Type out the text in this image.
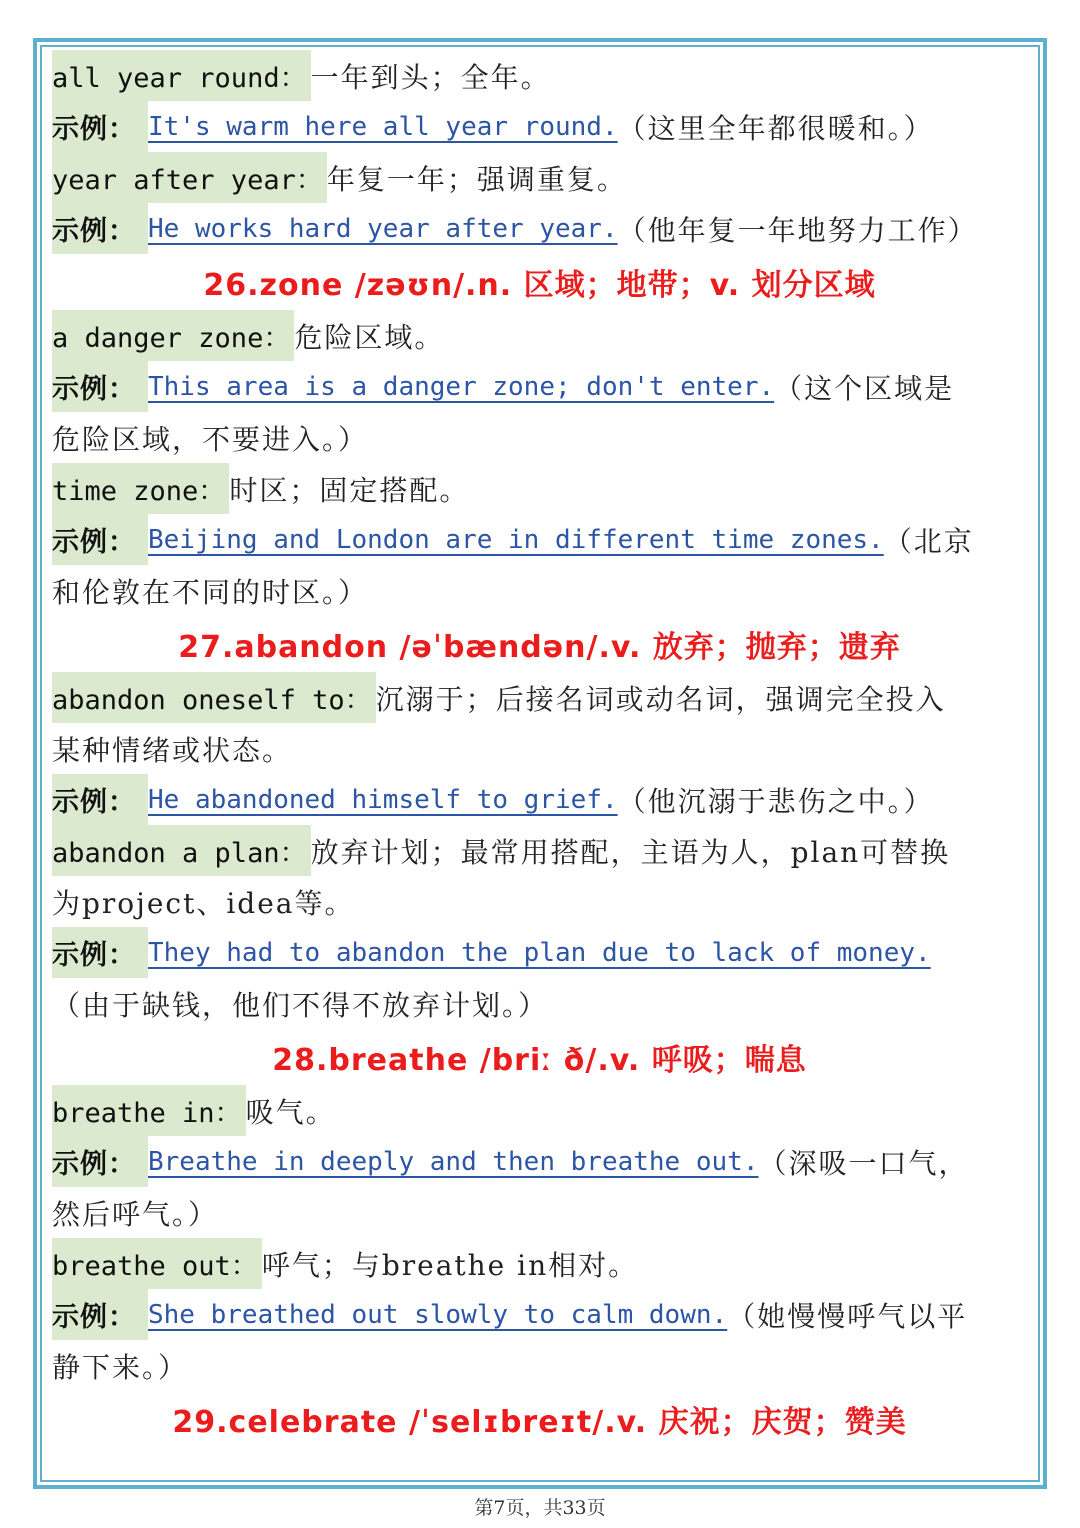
all year round： 一年到头；全年。
示例： It's warm here all year round. （这里全年都很暖和。）
year after year： 年复一年；强调重复。
示例： He works hard year after year. （他年复一年地努力工作）
26.zone /zəʊn/.n. 区域；地带；v. 划分区域
a danger zone： 危险区域。
示例： This area is a danger zone; don't enter. （这个区域是
危险区域，不要进入。）
time zone： 时区；固定搭配。
示例： Beijing and London are in different time zones. （北京
和伦敦在不同的时区。）
27.abandon /əˈbændən/.v. 放弃；抛弃；遗弃
abandon oneself to： 沉溺于；后接名词或动名词，强调完全投入
某种情绪或状态。
示例： He abandoned himself to grief. （他沉溺于悲伤之中。）
abandon a plan： 放弃计划；最常用搭配，主语为人，plan可替换
为project、idea等。
示例： They had to abandon the plan due to lack of money.
（由于缺钱，他们不得不放弃计划。）
28.breathe /briː ð/.v. 呼吸；喘息
breathe in： 吸气。
示例： Breathe in deeply and then breathe out. （深吸一口气，
然后呼气。）
breathe out： 呼气；与breathe in相对。
示例： She breathed out slowly to calm down. （她慢慢呼气以平
静下来。）
29.celebrate /ˈselɪbreɪt/.v. 庆祝；庆贺；赞美
第7页，共33页
